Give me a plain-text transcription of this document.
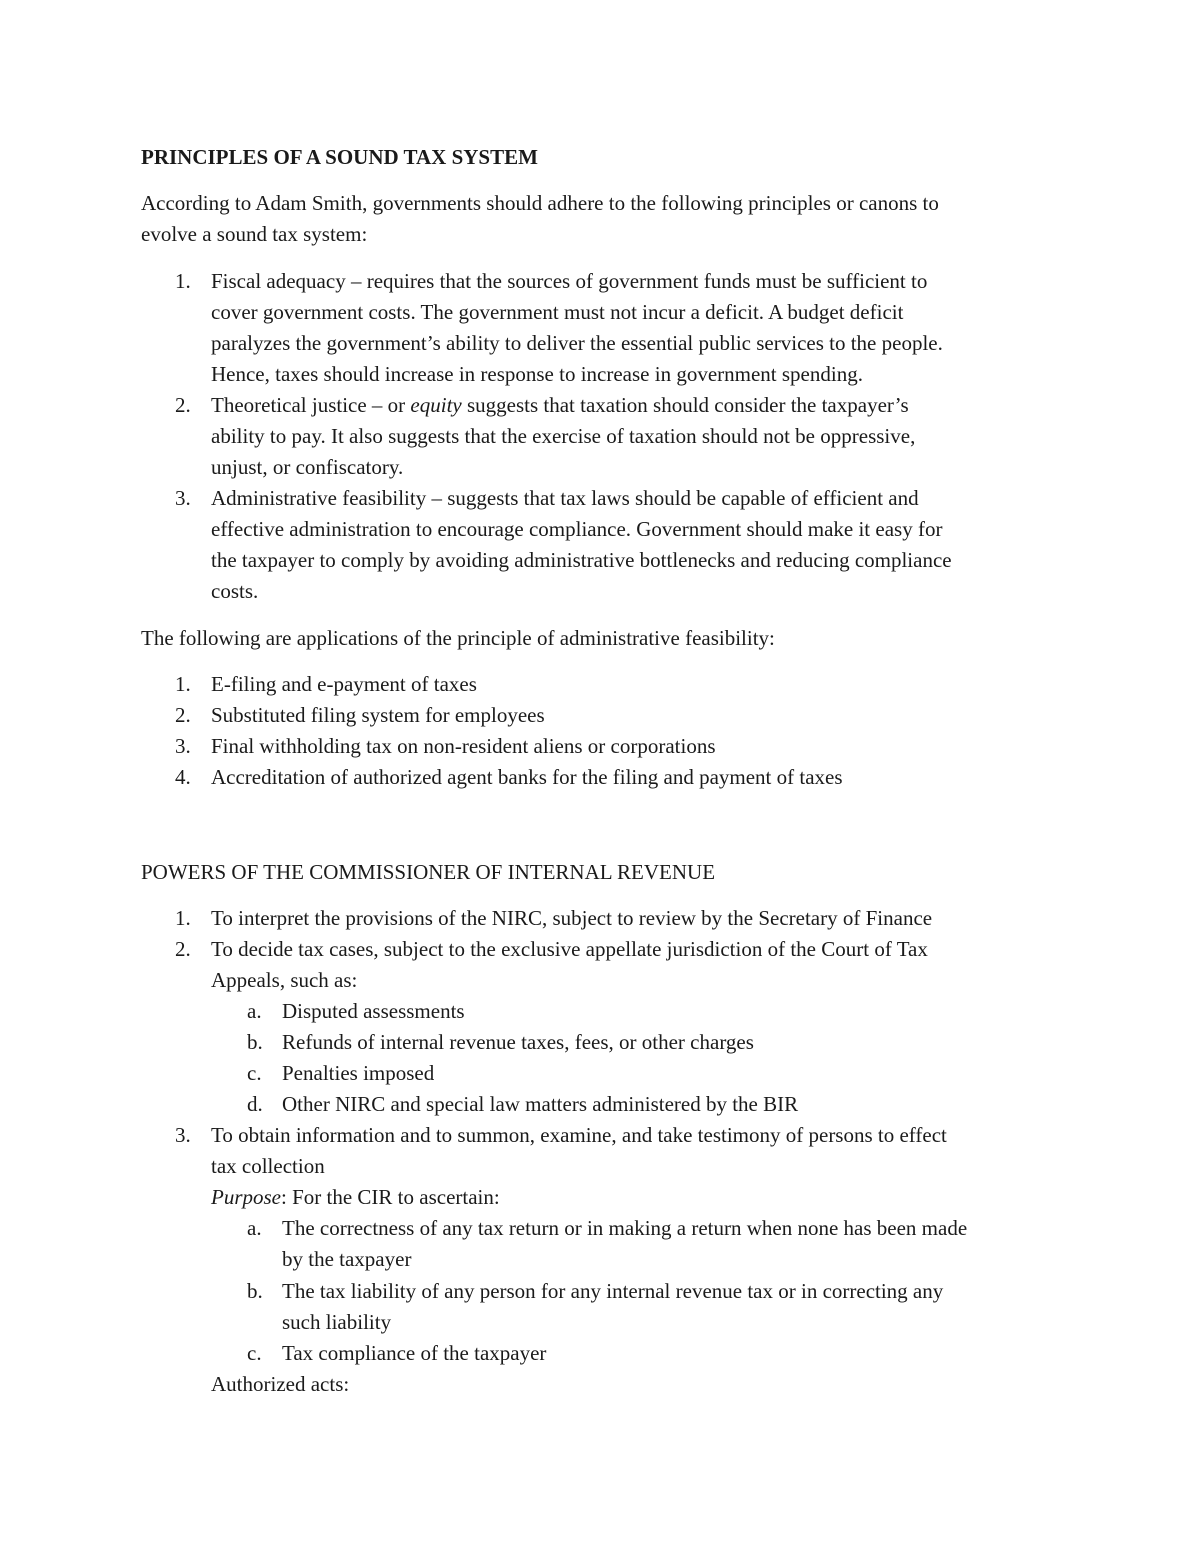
PRINCIPLES OF A SOUND TAX SYSTEM

According to Adam Smith, governments should adhere to the following principles or canons to

evolve a sound tax system:

1. Fiscal adequacy – requires that the sources of government funds must be sufficient to

cover government costs. The government must not incur a deficit. A budget deficit

paralyzes the government’s ability to deliver the essential public services to the people.

Hence, taxes should increase in response to increase in government spending.

2. Theoretical justice – or equity suggests that taxation should consider the taxpayer’s

ability to pay. It also suggests that the exercise of taxation should not be oppressive,

unjust, or confiscatory.

3. Administrative feasibility – suggests that tax laws should be capable of efficient and

effective administration to encourage compliance. Government should make it easy for

the taxpayer to comply by avoiding administrative bottlenecks and reducing compliance

costs.

The following are applications of the principle of administrative feasibility:

1. E-filing and e-payment of taxes

2. Substituted filing system for employees

3. Final withholding tax on non-resident aliens or corporations

4. Accreditation of authorized agent banks for the filing and payment of taxes

POWERS OF THE COMMISSIONER OF INTERNAL REVENUE

1. To interpret the provisions of the NIRC, subject to review by the Secretary of Finance

2. To decide tax cases, subject to the exclusive appellate jurisdiction of the Court of Tax

Appeals, such as:

a. Disputed assessments

b. Refunds of internal revenue taxes, fees, or other charges

c. Penalties imposed

d. Other NIRC and special law matters administered by the BIR

3. To obtain information and to summon, examine, and take testimony of persons to effect

tax collection

Purpose: For the CIR to ascertain:

a. The correctness of any tax return or in making a return when none has been made

by the taxpayer

b. The tax liability of any person for any internal revenue tax or in correcting any

such liability

c. Tax compliance of the taxpayer

Authorized acts:
